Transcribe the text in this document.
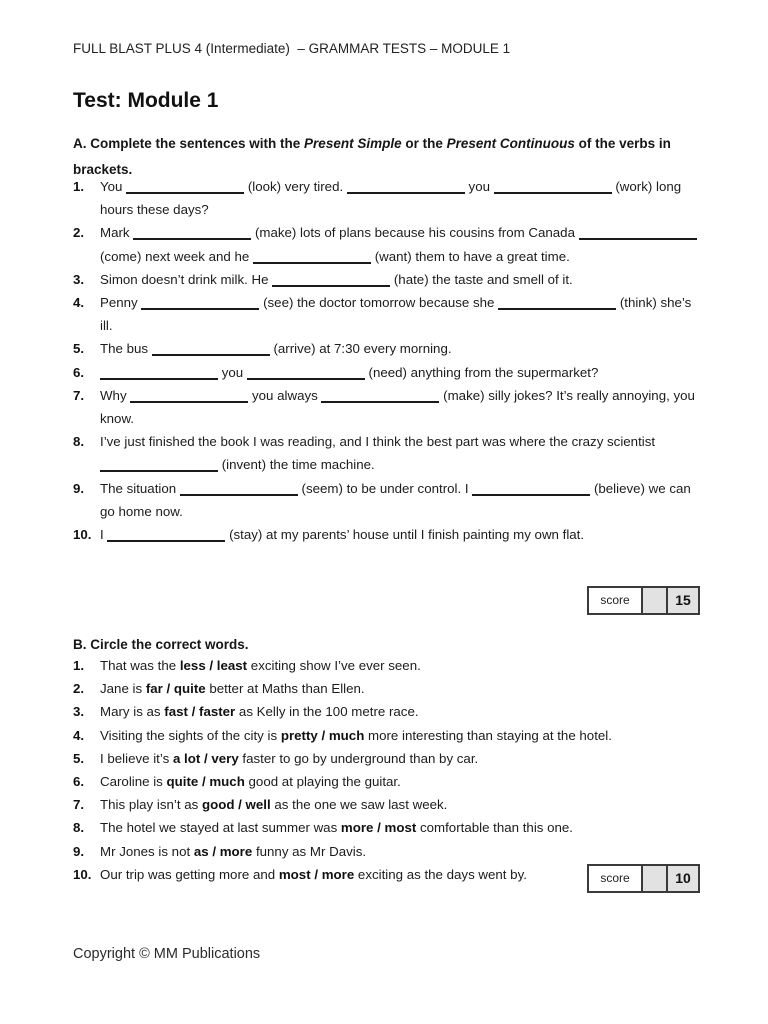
FULL BLAST PLUS 4 (Intermediate)  – GRAMMAR TESTS – MODULE 1
Test: Module 1
A. Complete the sentences with the Present Simple or the Present Continuous of the verbs in brackets.
1.	You	(look) very tired.	you	(work) long hours these days?
2.	Mark	(make) lots of plans because his cousins from Canada  (come) next week and he	(want) them to have a great time.
3.	Simon doesn’t drink milk. He	(hate) the taste and smell of it.
4.	Penny	(see) the doctor tomorrow because she	(think) she’s ill.
5.	The bus	(arrive) at 7:30 every morning.
6.	you	(need) anything from the supermarket?
7.	Why	you always	(make) silly jokes? It’s really annoying, you know.
8.	I’ve just finished the book I was reading, and I think the best part was where the crazy scientist  (invent) the time machine.
9.	The situation	(seem) to be under control. I	(believe) we can go home now.
10. I	(stay) at my parents’ house until I finish painting my own flat.
score	15
B. Circle the correct words.
1.	That was the less / least exciting show I’ve ever seen.
2.	Jane is far / quite better at Maths than Ellen.
3.	Mary is as fast / faster as Kelly in the 100 metre race.
4.	Visiting the sights of the city is pretty / much more interesting than staying at the hotel.
5.	I believe it’s a lot / very faster to go by underground than by car.
6.	Caroline is quite / much good at playing the guitar.
7.	This play isn’t as good / well as the one we saw last week.
8.	The hotel we stayed at last summer was more / most comfortable than this one.
9.	Mr Jones is not as / more funny as Mr Davis.
10. Our trip was getting more and most / more exciting as the days went by.	score	10
Copyright © MM Publications
